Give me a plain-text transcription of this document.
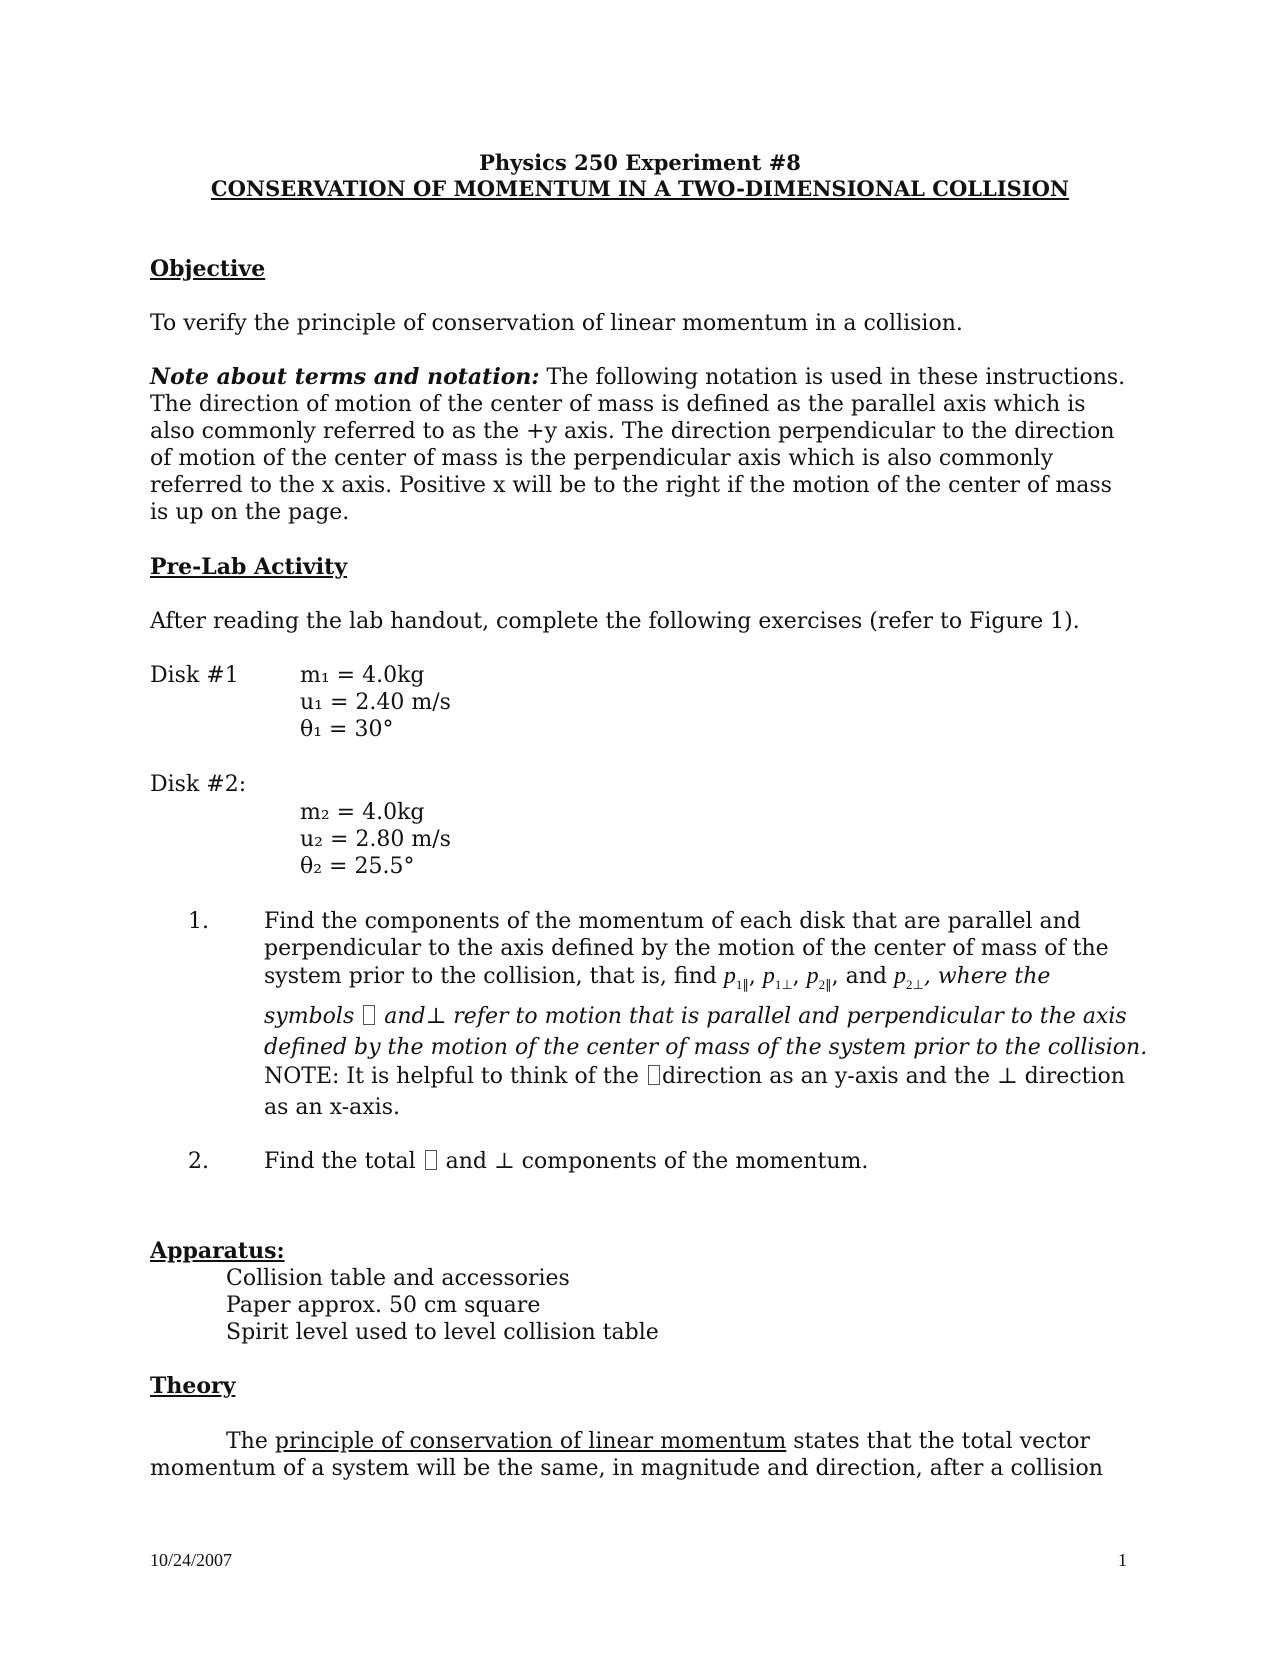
Physics 250 Experiment #8
CONSERVATION OF MOMENTUM IN A TWO-DIMENSIONAL COLLISION
Objective
To verify the principle of conservation of linear momentum in a collision.
Note about terms and notation: The following notation is used in these instructions.
The direction of motion of the center of mass is defined as the parallel axis which is
also commonly referred to as the +y axis. The direction perpendicular to the direction
of motion of the center of mass is the perpendicular axis which is also commonly
referred to the x axis. Positive x will be to the right if the motion of the center of mass
is up on the page.
Pre-Lab Activity
After reading the lab handout, complete the following exercises (refer to Figure 1).
Disk #1	m₁ = 4.0kg
u₁ = 2.40 m/s
θ₁ = 30°
Disk #2:
m₂ = 4.0kg
u₂ = 2.80 m/s
θ₂ = 25.5°
1.	Find the components of the momentum of each disk that are parallel and
perpendicular to the axis defined by the motion of the center of mass of the
system prior to the collision, that is, find $p_{1\parallel}$, $p_{1\perp}$, $p_{2\parallel}$, and $p_{2\perp}$, where the
symbols  and⊥ refer to motion that is parallel and perpendicular to the axis
defined by the motion of the center of mass of the system prior to the collision.
NOTE: It is helpful to think of the direction as an y-axis and the ⊥ direction
as an x-axis.
2.	Find the total  and ⊥ components of the momentum.
Apparatus:
Collision table and accessories
Paper approx. 50 cm square
Spirit level used to level collision table
Theory
The principle of conservation of linear momentum states that the total vector
momentum of a system will be the same, in magnitude and direction, after a collision
10/24/2007	1
